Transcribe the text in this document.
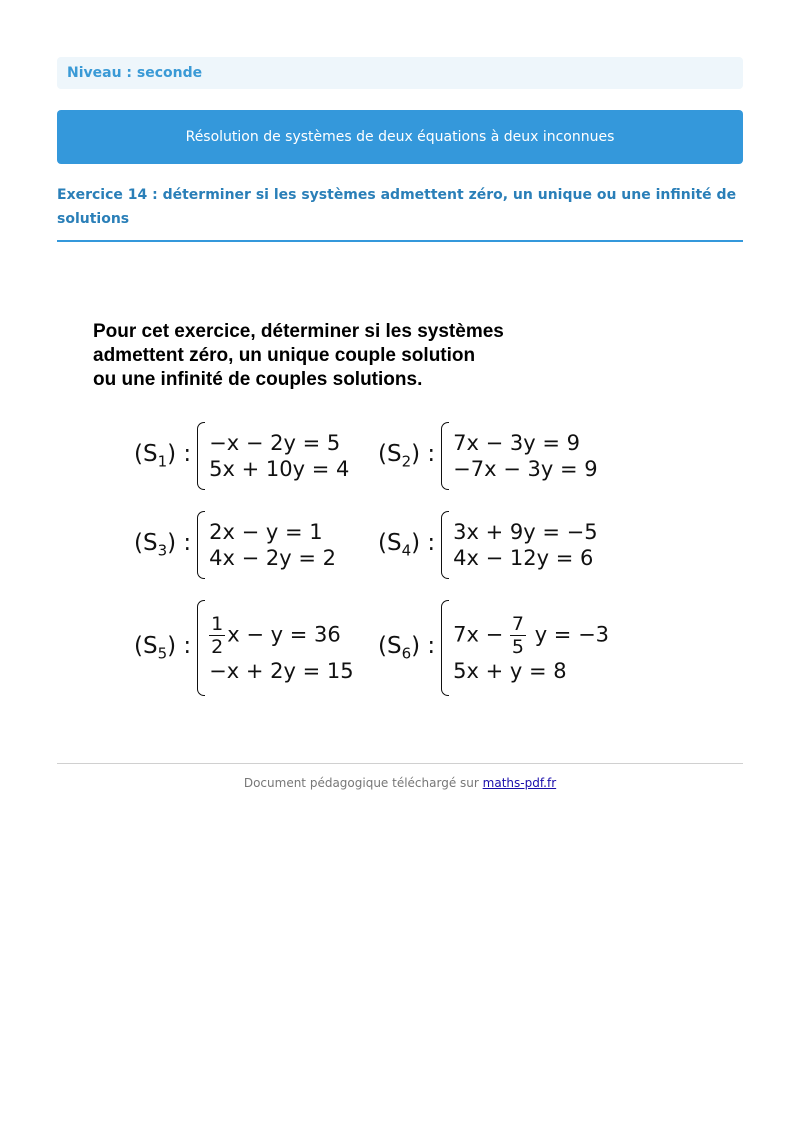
Niveau : seconde
Résolution de systèmes de deux équations à deux inconnues
Exercice 14 : déterminer si les systèmes admettent zéro, un unique ou une infinité de solutions
Pour cet exercice, déterminer si les systèmes
admettent zéro, un unique couple solution
ou une infinité de couples solutions.
$(S_1)$ : −x − 2y = 5
5x + 10y = 4
$(S_2)$ : 7x − 3y = 9
−7x − 3y = 9
$(S_3)$ : 2x − y = 1
4x − 2y = 2
$(S_4)$ : 3x + 9y = −5
4x − 12y = 6
$(S_5)$ : $\frac{1}{2}$ x − y = 36
−x + 2y = 15
$(S_6)$ : $7x - \frac{7}{5}$ y = −3
5x + y = 8
Document pédagogique téléchargé sur maths-pdf.fr
